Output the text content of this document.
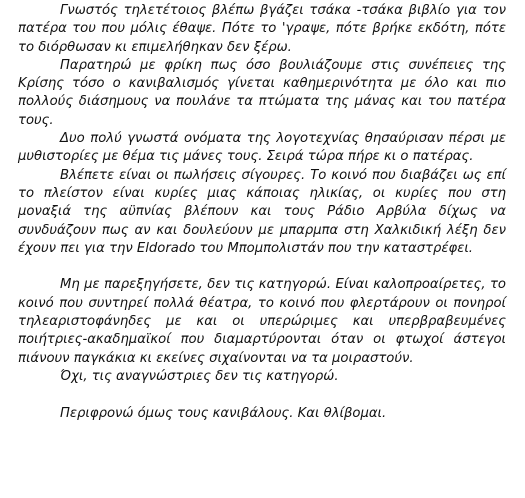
Γνωστός τηλετέτοιος βλέπω βγάζει τσάκα -τσάκα βιβλίο για τον πατέρα του που μόλις έθαψε. Πότε το 'γραψε, πότε βρήκε εκδότη, πότε το διόρθωσαν κι επιμελήθηκαν δεν ξέρω.

Παρατηρώ με φρίκη πως όσο βουλιάζουμε στις συνέπειες της Κρίσης τόσο ο κανιβαλισμός γίνεται καθημερινότητα με όλο και πιο πολλούς διάσημους να πουλάνε τα πτώματα της μάνας και του πατέρα τους.

Δυο πολύ γνωστά ονόματα της λογοτεχνίας θησαύρισαν πέρσι με μυθιστορίες με θέμα τις μάνες τους. Σειρά τώρα πήρε κι ο πατέρας.

Βλέπετε είναι οι πωλήσεις σίγουρες. Το κοινό που διαβάζει ως επί το πλείστον είναι κυρίες μιας κάποιας ηλικίας, οι κυρίες που στη μοναξιά της αϋπνίας βλέπουν και τους Ράδιο Αρβύλα δίχως να συνδυάζουν πως αν και δουλεύουν με μπαρμπα στη Χαλκιδική λέξη δεν έχουν πει για την Eldorado του Μπομπολιστάν που την καταστρέφει.

Μη με παρεξηγήσετε, δεν τις κατηγορώ. Είναι καλοπροαίρετες, το κοινό που συντηρεί πολλά θέατρα, το κοινό που φλερτάρουν οι πονηροί τηλεαριστοφάνηδες με και οι υπερώριμες και υπερβραβευμένες ποιήτριες-ακαδημαϊκοί που διαμαρτύρονται όταν οι φτωχοί άστεγοι πιάνουν παγκάκια κι εκείνες σιχαίνονται να τα μοιραστούν.

Όχι, τις αναγνώστριες δεν τις κατηγορώ.

Περιφρονώ όμως τους κανιβάλους. Και θλίβομαι.
